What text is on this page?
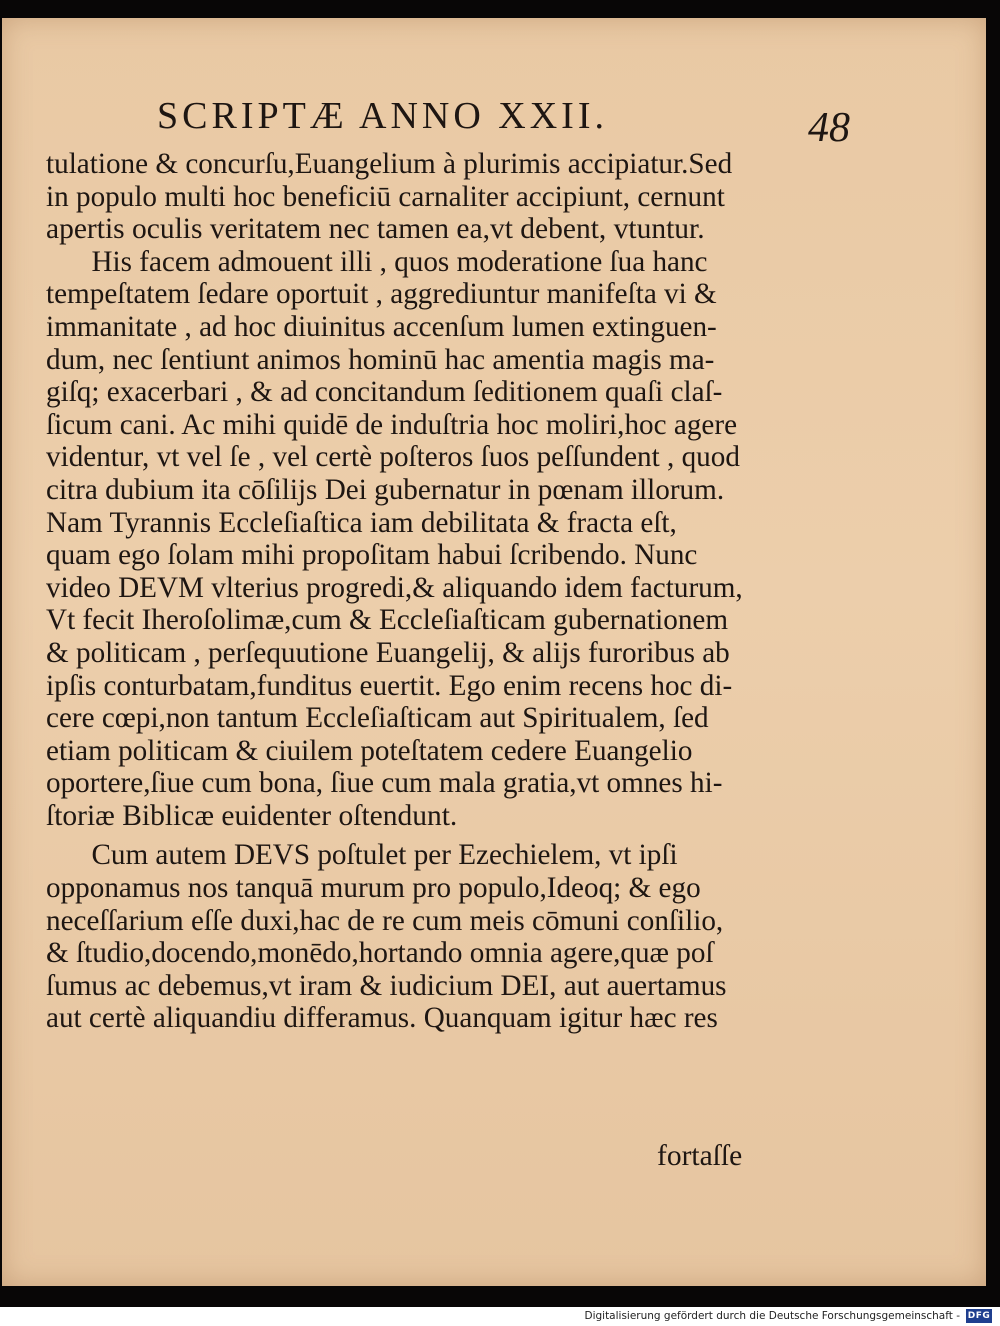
SCRIPTÆ ANNO XXII.	48

tulatione & concurſu,Euangelium à plurimis accipiatur.Sed
in populo multi hoc beneficiū carnaliter accipiunt, cernunt
apertis oculis veritatem nec tamen ea,vt debent, vtuntur.
His facem admouent illi , quos moderatione ſua hanc
tempeſtatem ſedare oportuit , aggrediuntur manifeſta vi &
immanitate , ad hoc diuinitus accenſum lumen extinguen-
dum, nec ſentiunt animos hominū hac amentia magis ma-
giſq; exacerbari , & ad concitandum ſeditionem quaſi claſ-
ſicum cani. Ac mihi quidē de induſtria hoc moliri,hoc agere
videntur, vt vel ſe , vel certè poſteros ſuos peſſundent , quod
citra dubium ita cōſilijs Dei gubernatur in pœnam illorum.
Nam Tyrannis Eccleſiaſtica iam debilitata & fracta eſt,
quam ego ſolam mihi propoſitam habui ſcribendo. Nunc
video DEVM vlterius progredi,& aliquando idem facturum,
Vt fecit Iheroſolimæ,cum & Eccleſiaſticam gubernationem
& politicam , perſequutione Euangelij, & alijs furoribus ab
ipſis conturbatam,funditus euertit. Ego enim recens hoc di-
cere cœpi,non tantum Eccleſiaſticam aut Spiritualem, ſed
etiam politicam & ciuilem poteſtatem cedere Euangelio
oportere,ſiue cum bona, ſiue cum mala gratia,vt omnes hi-
ſtoriæ Biblicæ euidenter oſtendunt.
Cum autem DEVS poſtulet per Ezechielem, vt ipſi
opponamus nos tanquā murum pro populo,Ideoq; & ego
neceſſarium eſſe duxi,hac de re cum meis cōmuni conſilio,
& ſtudio,docendo,monēdo,hortando omnia agere,quæ poſ
ſumus ac debemus,vt iram & iudicium DEI, aut auertamus
aut certè aliquandiu differamus. Quanquam igitur hæc res

fortaſſe

Digitalisierung gefördert durch die Deutsche Forschungsgemeinschaft - DFG
